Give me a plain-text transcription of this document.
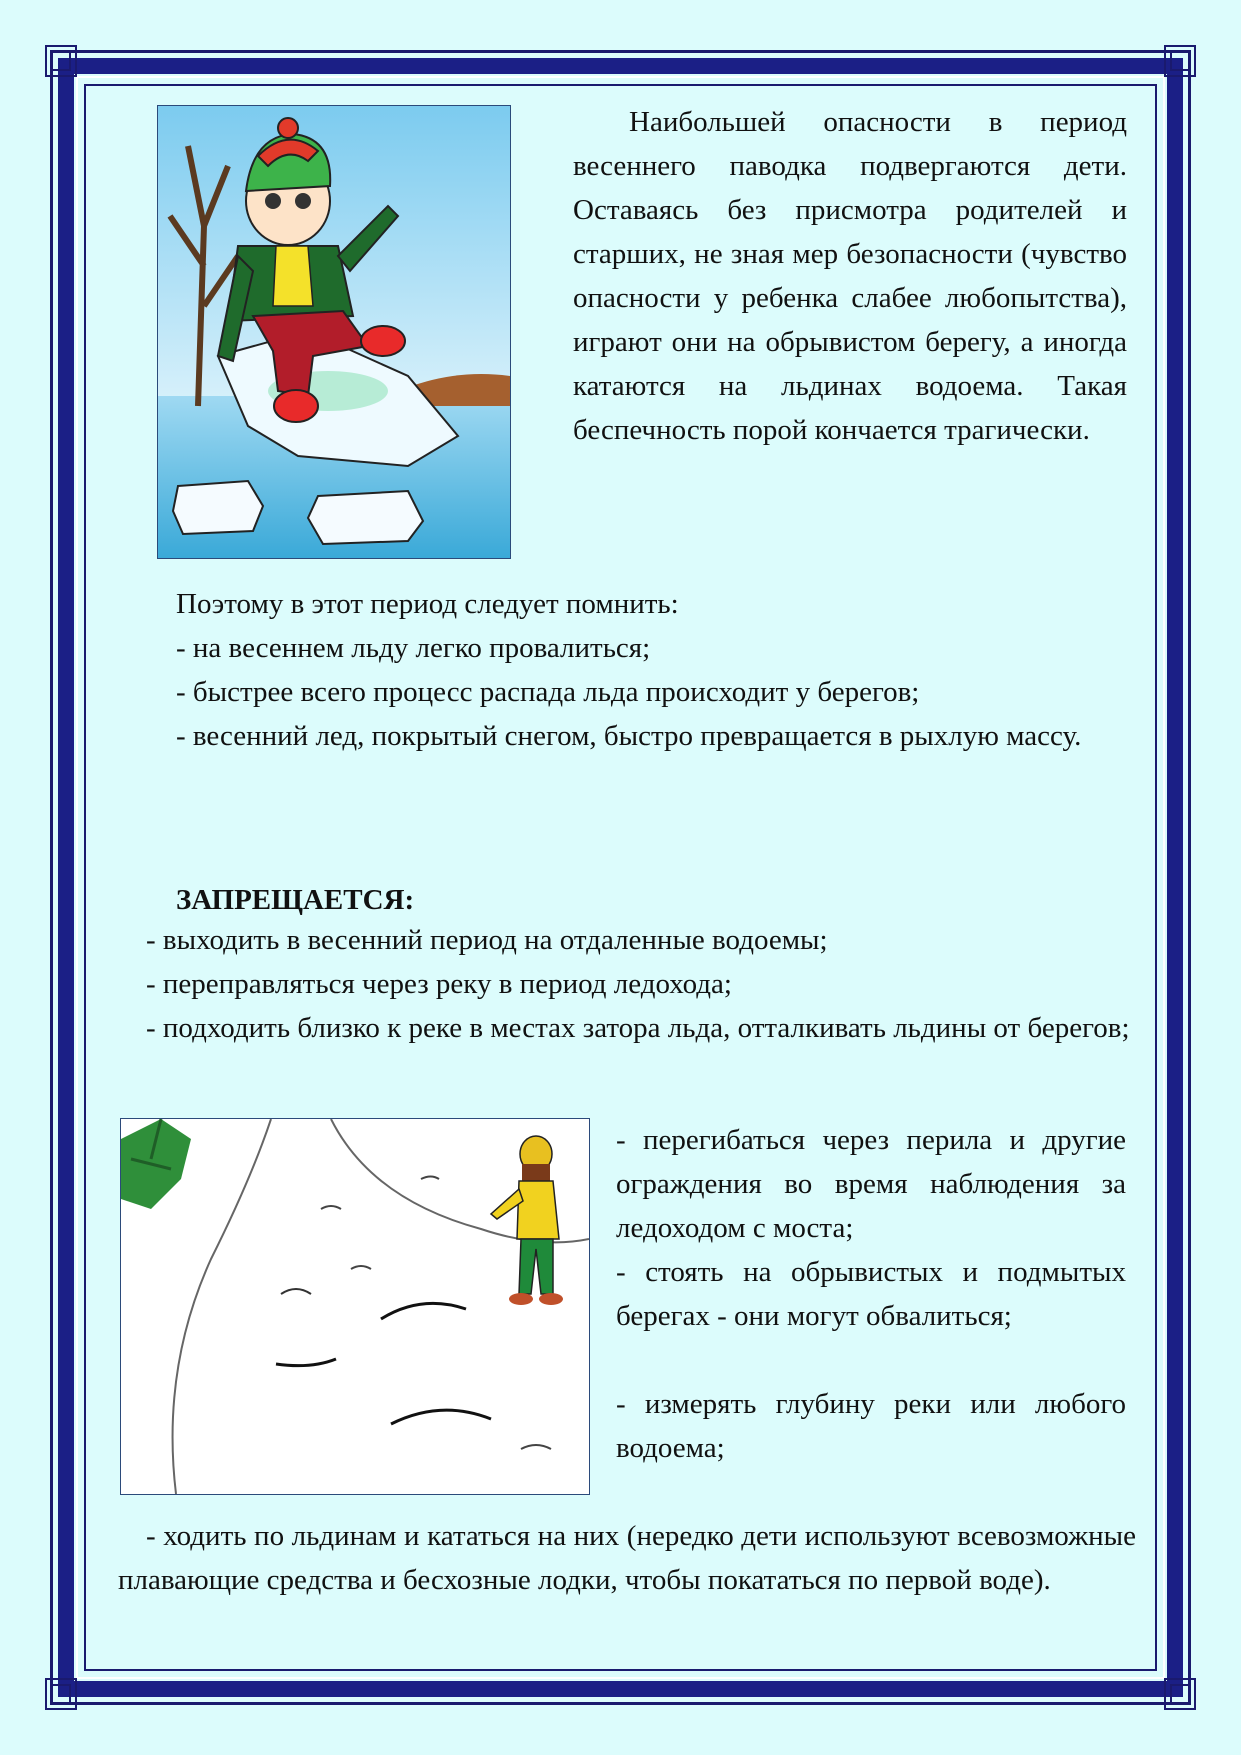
Наибольшей опасности в период весеннего паводка подвергаются дети. Оставаясь без присмотра родителей и старших, не зная мер безопасности (чувство опасности у ребенка слабее любопытства), играют они на обрывистом берегу, а иногда катаются на льдинах водоема. Такая беспечность порой кончается трагически.

Поэтому в этот период следует помнить:

- на весеннем льду легко провалиться;

- быстрее всего процесс распада льда происходит у берегов;

- весенний лед, покрытый снегом, быстро превращается в рыхлую массу.

ЗАПРЕЩАЕТСЯ:

- выходить в весенний период на отдаленные водоемы;

- переправляться через реку в период ледохода;

- подходить близко к реке в местах затора льда, отталкивать льдины от берегов;

- перегибаться через перила и другие ограждения во время наблюдения за ледоходом с моста;

- стоять на обрывистых и подмытых берегах - они могут обвалиться;

- измерять глубину реки или любого водоема;

- ходить по льдинам и кататься на них (нередко дети используют всевозможные плавающие средства и бесхозные лодки, чтобы покататься по первой воде).
